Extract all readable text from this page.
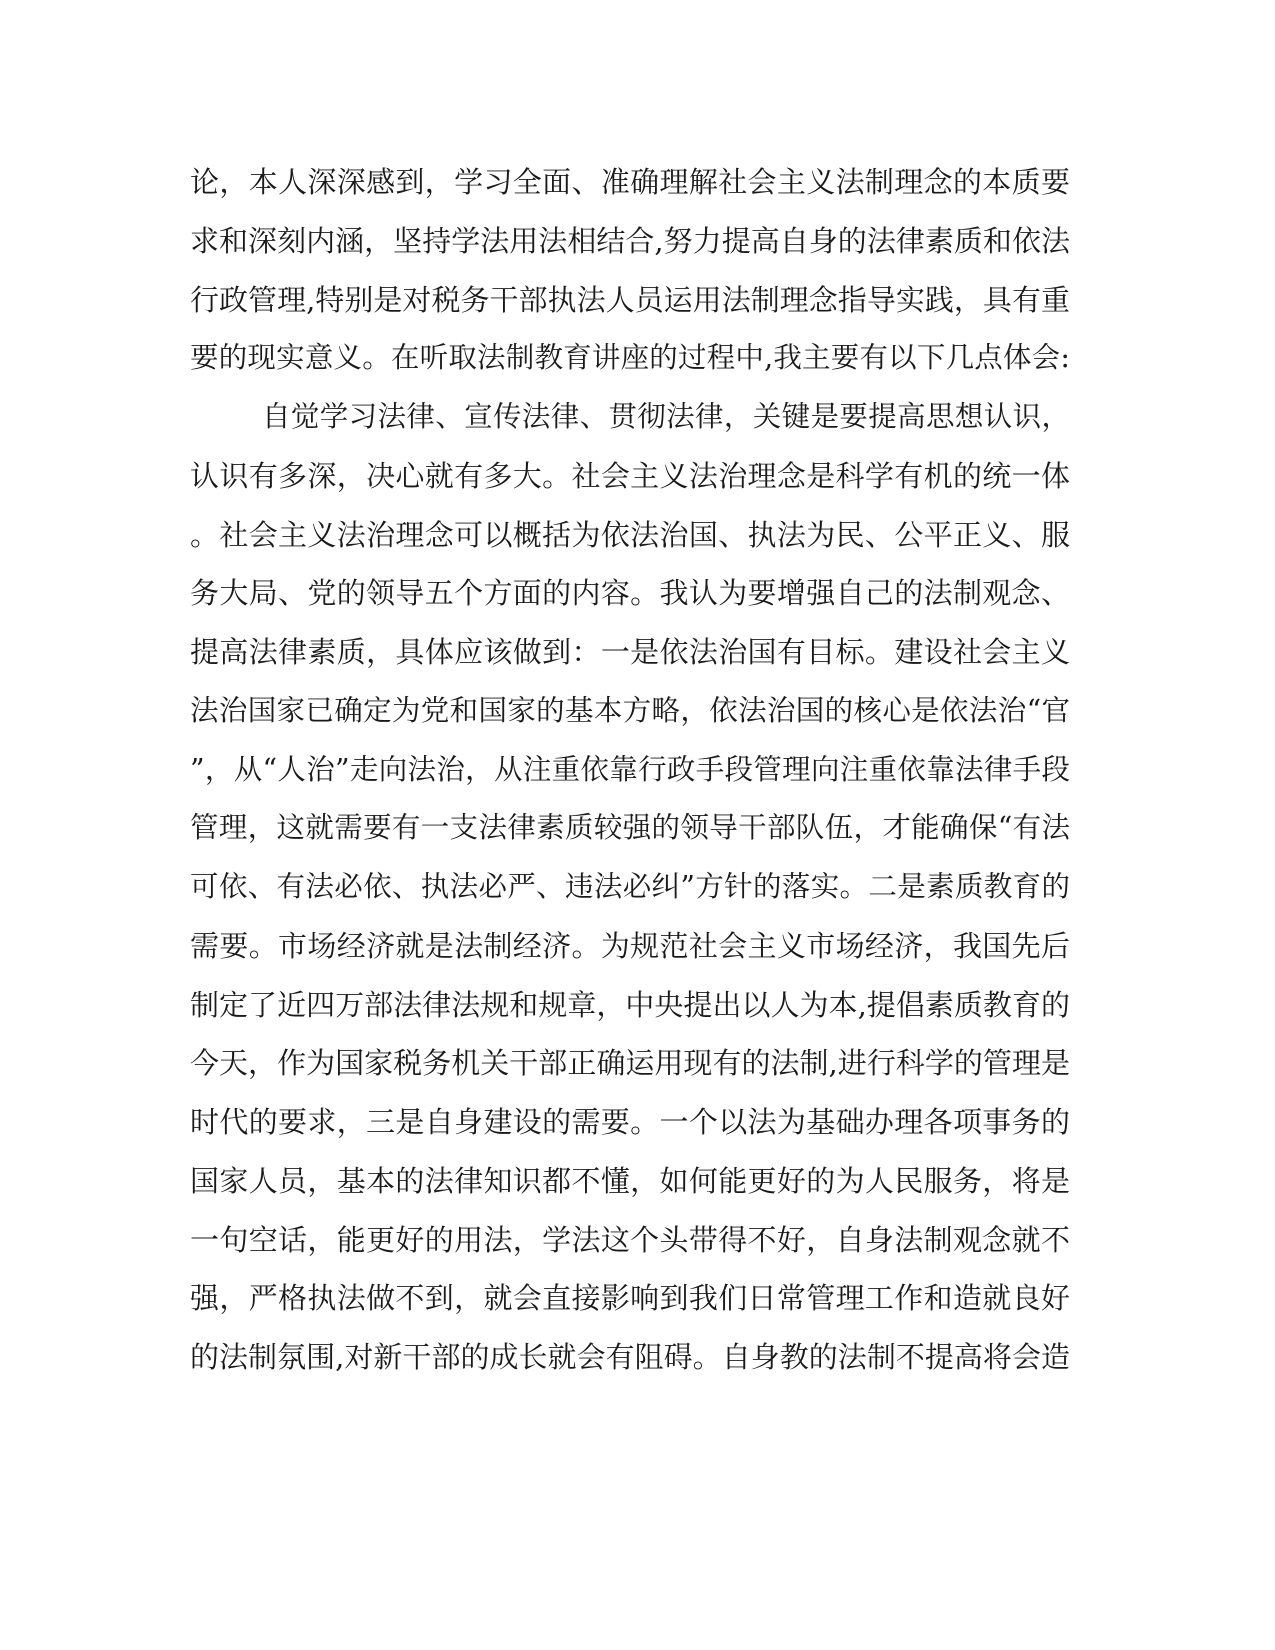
论，本人深深感到，学习全面、准确理解社会主义法制理念的本质要
求和深刻内涵，坚持学法用法相结合,努力提高自身的法律素质和依法
行政管理,特别是对税务干部执法人员运用法制理念指导实践，具有重
要的现实意义。在听取法制教育讲座的过程中,我主要有以下几点体会:
自觉学习法律、宣传法律、贯彻法律，关键是要提高思想认识，
认识有多深，决心就有多大。社会主义法治理念是科学有机的统一体
。社会主义法治理念可以概括为依法治国、执法为民、公平正义、服
务大局、党的领导五个方面的内容。我认为要增强自己的法制观念、
提高法律素质，具体应该做到：一是依法治国有目标。建设社会主义
法治国家已确定为党和国家的基本方略，依法治国的核心是依法治“官
”，从“人治”走向法治，从注重依靠行政手段管理向注重依靠法律手段
管理，这就需要有一支法律素质较强的领导干部队伍，才能确保“有法
可依、有法必依、执法必严、违法必纠”方针的落实。二是素质教育的
需要。市场经济就是法制经济。为规范社会主义市场经济，我国先后
制定了近四万部法律法规和规章，中央提出以人为本,提倡素质教育的
今天，作为国家税务机关干部正确运用现有的法制,进行科学的管理是
时代的要求，三是自身建设的需要。一个以法为基础办理各项事务的
国家人员，基本的法律知识都不懂，如何能更好的为人民服务，将是
一句空话，能更好的用法，学法这个头带得不好，自身法制观念就不
强，严格执法做不到，就会直接影响到我们日常管理工作和造就良好
的法制氛围,对新干部的成长就会有阻碍。自身教的法制不提高将会造
